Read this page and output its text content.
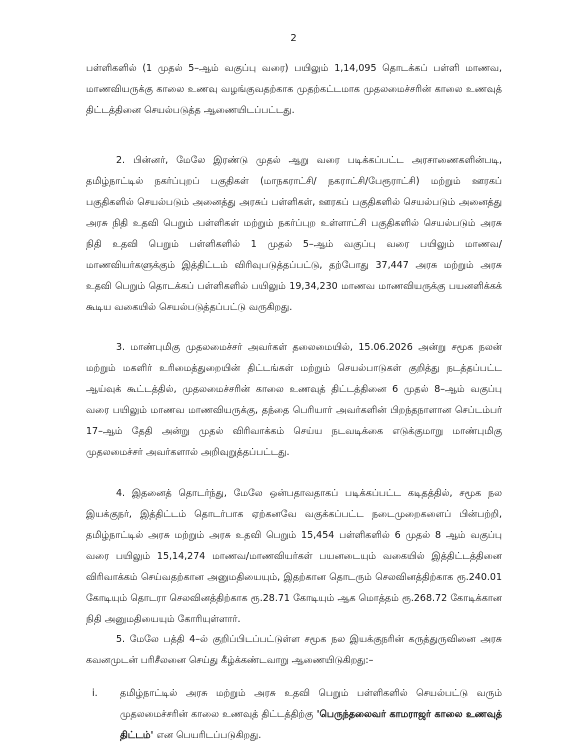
2

பள்ளிகளில் (1 முதல் 5–ஆம் வகுப்பு வரை) பயிலும் 1,14,095 தொடக்கப் பள்ளி மாணவ, மாணவியருக்கு காலை உணவு வழங்குவதற்காக முதற்கட்டமாக முதலமைச்சரின் காலை உணவுத் திட்டத்தினை செயல்படுத்த ஆணையிடப்பட்டது.

2. பின்னர், மேலே இரண்டு முதல் ஆறு வரை படிக்கப்பட்ட அரசாணைகளின்படி, தமிழ்நாட்டில் நகர்ப்புறப் பகுதிகள் (மாநகராட்சி/ நகராட்சி/பேரூராட்சி) மற்றும் ஊரகப் பகுதிகளில் செயல்படும் அனைத்து அரசுப் பள்ளிகள், ஊரகப் பகுதிகளில் செயல்படும் அனைத்து அரசு நிதி உதவி பெறும் பள்ளிகள் மற்றும் நகர்ப்புற உள்ளாட்சி பகுதிகளில் செயல்படும் அரசு நிதி உதவி பெறும் பள்ளிகளில் 1 முதல் 5–ஆம் வகுப்பு வரை பயிலும் மாணவ/மாணவியர்களுக்கும் இத்திட்டம் விரிவுபடுத்தப்பட்டு, தற்போது 37,447 அரசு மற்றும் அரசு உதவி பெறும் தொடக்கப் பள்ளிகளில் பயிலும் 19,34,230 மாணவ மாணவியருக்கு பயனளிக்கக் கூடிய வகையில் செயல்படுத்தப்பட்டு வருகிறது.

3. மாண்புமிகு முதலமைச்சர் அவர்கள் தலைமையில், 15.06.2026 அன்று சமூக நலன் மற்றும் மகளிர் உரிமைத்துறையின் திட்டங்கள் மற்றும் செயல்பாடுகள் குறித்து நடத்தப்பட்ட ஆய்வுக் கூட்டத்தில், முதலமைச்சரின் காலை உணவுத் திட்டத்தினை 6 முதல் 8–ஆம் வகுப்பு வரை பயிலும் மாணவ மாணவியருக்கு, தந்தை பெரியார் அவர்களின் பிறந்தநாளான செப்டம்பர் 17–ஆம் தேதி அன்று முதல் விரிவாக்கம் செய்ய நடவடிக்கை எடுக்குமாறு மாண்புமிகு முதலமைச்சர் அவர்களால் அறிவுறுத்தப்பட்டது.

4. இதனைத் தொடர்ந்து, மேலே ஒன்பதாவதாகப் படிக்கப்பட்ட கடிதத்தில், சமூக நல இயக்குநர், இத்திட்டம் தொடர்பாக ஏற்கனவே வகுக்கப்பட்ட நடைமுறைகளைப் பின்பற்றி, தமிழ்நாட்டில் அரசு மற்றும் அரசு உதவி பெறும் 15,454 பள்ளிகளில் 6 முதல் 8 ஆம் வகுப்பு வரை பயிலும் 15,14,274 மாணவ/மாணவியர்கள் பயனடையும் வகையில் இத்திட்டத்தினை விரிவாக்கம் செய்வதற்கான அனுமதியையும், இதற்கான தொடரும் செலவினத்திற்காக ரூ.240.01 கோடியும் தொடரா செலவினத்திற்காக ரூ.28.71 கோடியும் ஆக மொத்தம் ரூ.268.72 கோடிக்கான நிதி அனுமதியையும் கோரியுள்ளார்.

5. மேலே பத்தி 4–ல் குறிப்பிடப்பட்டுள்ள சமூக நல இயக்குநரின் கருத்துருவினை அரசு கவனமுடன் பரிசீலனை செய்து கீழ்க்கண்டவாறு ஆணையிடுகிறது:–

i.	தமிழ்நாட்டில் அரசு மற்றும் அரசு உதவி பெறும் பள்ளிகளில் செயல்பட்டு வரும் முதலமைச்சரின் காலை உணவுத் திட்டத்திற்கு 'பெருந்தலைவர் காமராஜர் காலை உணவுத் திட்டம்' என பெயரிடப்படுகிறது.
